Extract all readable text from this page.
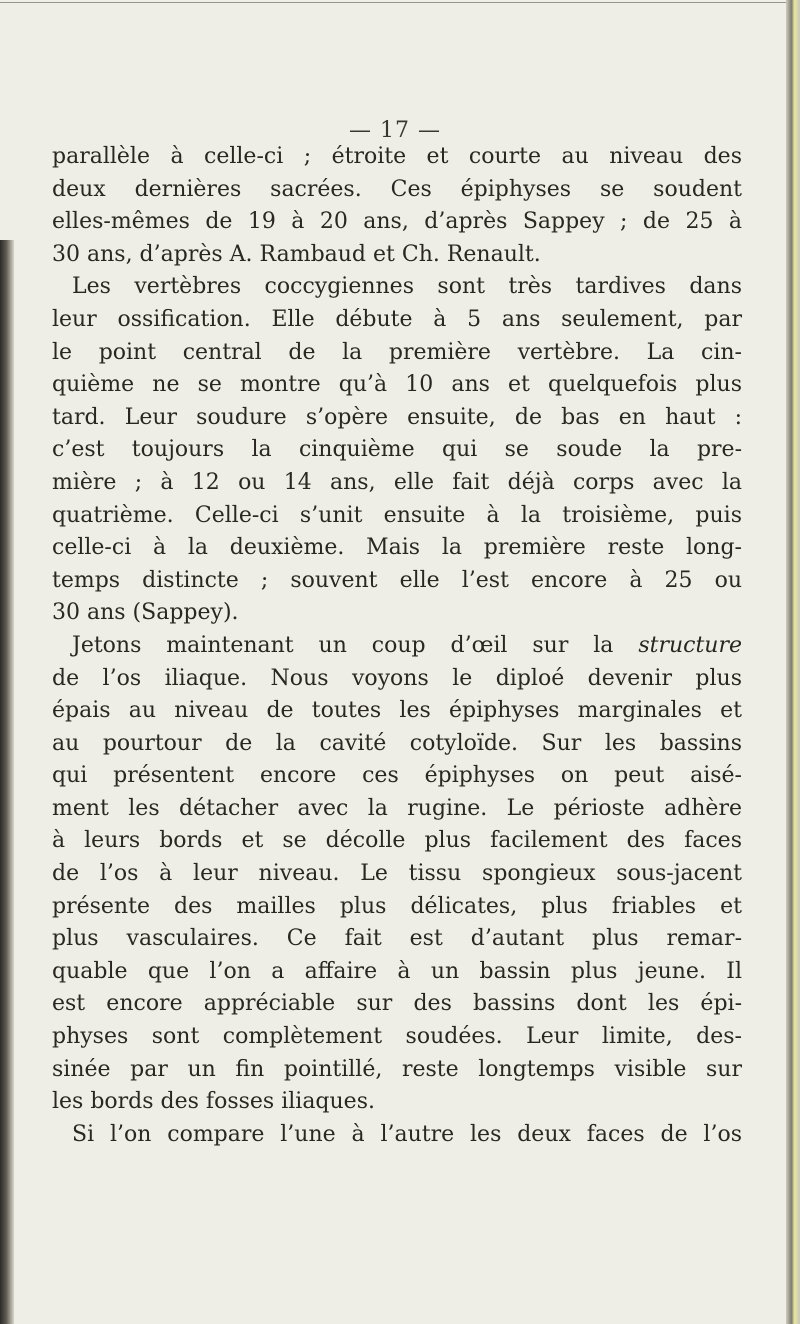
— 17 —
parallèle à celle-ci ; étroite et courte au niveau des
deux dernières sacrées. Ces épiphyses se soudent
elles-mêmes de 19 à 20 ans, d’après Sappey ; de 25 à
30 ans, d’après A. Rambaud et Ch. Renault.
Les vertèbres coccygiennes sont très tardives dans
leur ossification. Elle débute à 5 ans seulement, par
le point central de la première vertèbre. La cin-
quième ne se montre qu’à 10 ans et quelquefois plus
tard. Leur soudure s’opère ensuite, de bas en haut :
c’est toujours la cinquième qui se soude la pre-
mière ; à 12 ou 14 ans, elle fait déjà corps avec la
quatrième. Celle-ci s’unit ensuite à la troisième, puis
celle-ci à la deuxième. Mais la première reste long-
temps distincte ; souvent elle l’est encore à 25 ou
30 ans (Sappey).
Jetons maintenant un coup d’œil sur la structure
de l’os iliaque. Nous voyons le diploé devenir plus
épais au niveau de toutes les épiphyses marginales et
au pourtour de la cavité cotyloïde. Sur les bassins
qui présentent encore ces épiphyses on peut aisé-
ment les détacher avec la rugine. Le périoste adhère
à leurs bords et se décolle plus facilement des faces
de l’os à leur niveau. Le tissu spongieux sous-jacent
présente des mailles plus délicates, plus friables et
plus vasculaires. Ce fait est d’autant plus remar-
quable que l’on a affaire à un bassin plus jeune. Il
est encore appréciable sur des bassins dont les épi-
physes sont complètement soudées. Leur limite, des-
sinée par un fin pointillé, reste longtemps visible sur
les bords des fosses iliaques.
Si l’on compare l’une à l’autre les deux faces de l’os
